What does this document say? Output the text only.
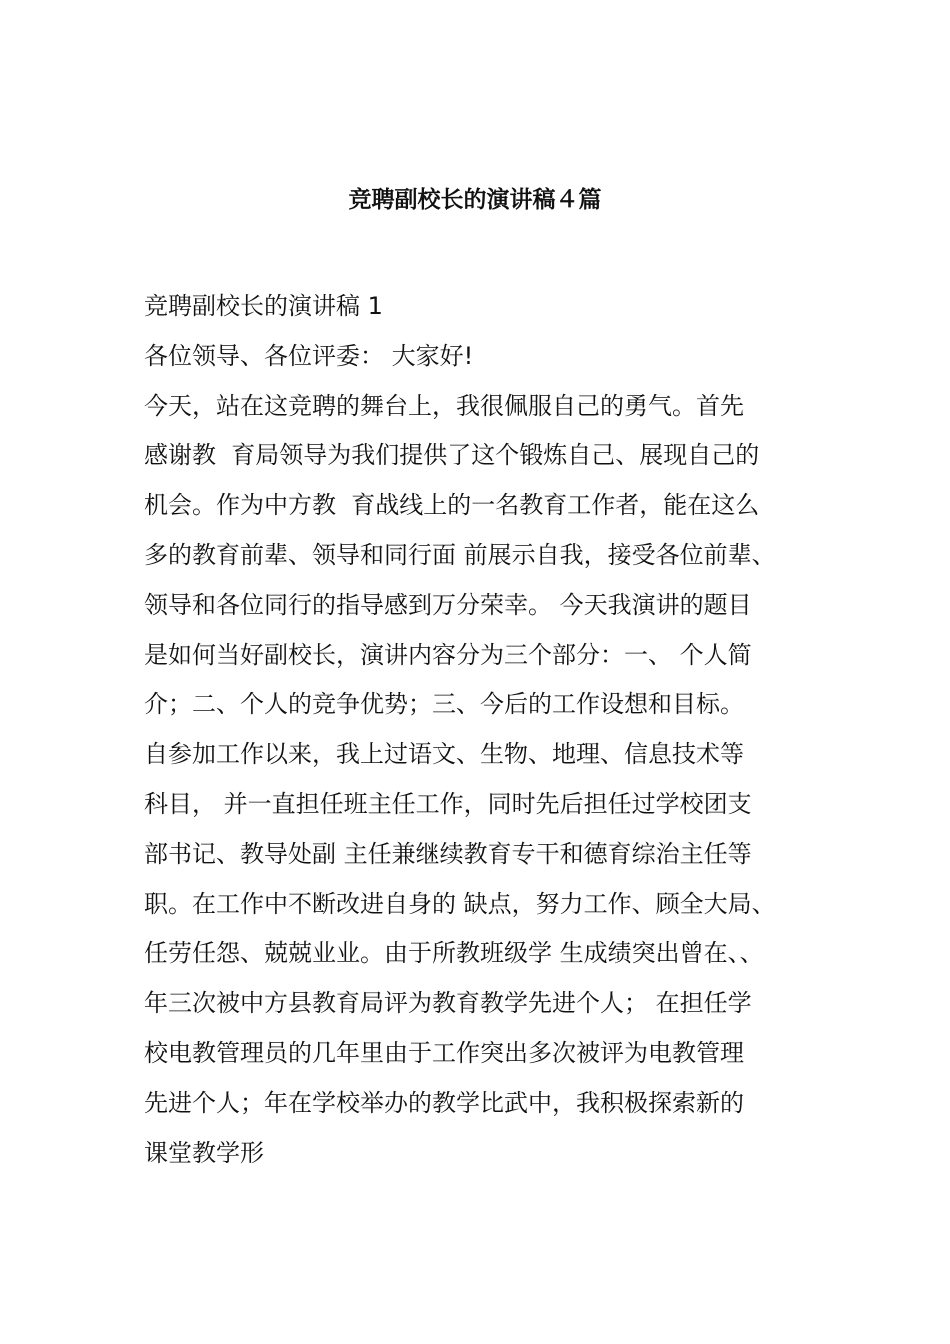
竞聘副校长的演讲稿４篇
竞聘副校长的演讲稿 1
各位领导、各位评委： 大家好!
今天，站在这竞聘的舞台上，我很佩服自己的勇气。首先
感谢教  育局领导为我们提供了这个锻炼自己、展现自己的
机会。作为中方教  育战线上的一名教育工作者，能在这么
多的教育前辈、领导和同行面 前展示自我，接受各位前辈、
领导和各位同行的指导感到万分荣幸。 今天我演讲的题目
是如何当好副校长，演讲内容分为三个部分：一、 个人简
介；二、个人的竞争优势；三、今后的工作设想和目标。
自参加工作以来，我上过语文、生物、地理、信息技术等
科目， 并一直担任班主任工作，同时先后担任过学校团支
部书记、教导处副 主任兼继续教育专干和德育综治主任等
职。在工作中不断改进自身的 缺点，努力工作、顾全大局、
任劳任怨、兢兢业业。由于所教班级学 生成绩突出曾在、、
年三次被中方县教育局评为教育教学先进个人； 在担任学
校电教管理员的几年里由于工作突出多次被评为电教管理
先进个人；年在学校举办的教学比武中，我积极探索新的
课堂教学形
